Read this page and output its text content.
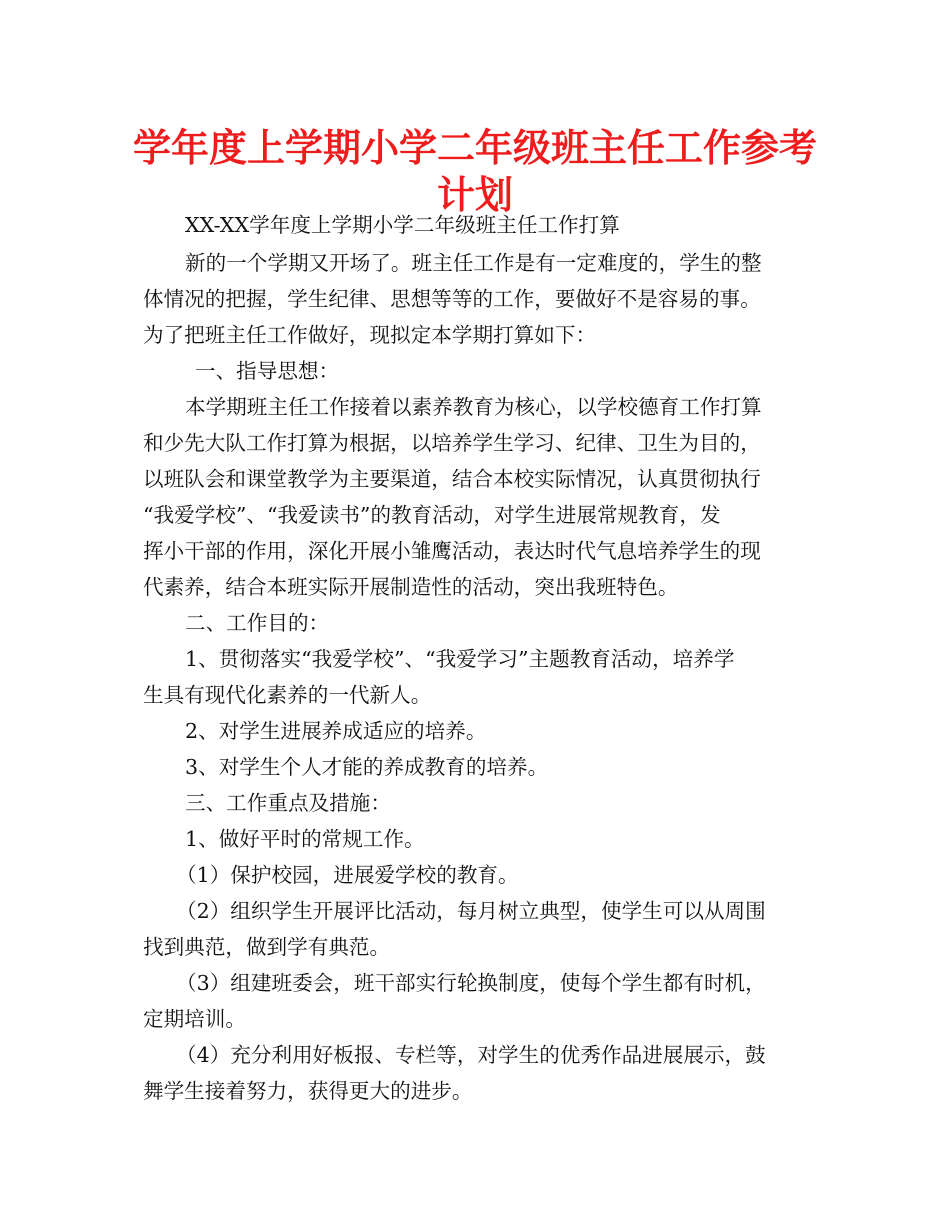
学年度上学期小学二年级班主任工作参考
计划

XX-XX学年度上学期小学二年级班主任工作打算

新的一个学期又开场了。班主任工作是有一定难度的，学生的整

体情况的把握，学生纪律、思想等等的工作，要做好不是容易的事。

为了把班主任工作做好，现拟定本学期打算如下：

一、指导思想：

本学期班主任工作接着以素养教育为核心，以学校德育工作打算

和少先大队工作打算为根据，以培养学生学习、纪律、卫生为目的，

以班队会和课堂教学为主要渠道，结合本校实际情况，认真贯彻执行

“我爱学校”、“我爱读书”的教育活动，对学生进展常规教育，发

挥小干部的作用，深化开展小雏鹰活动，表达时代气息培养学生的现

代素养，结合本班实际开展制造性的活动，突出我班特色。

二、工作目的：

1、贯彻落实“我爱学校”、“我爱学习”主题教育活动，培养学

生具有现代化素养的一代新人。

2、对学生进展养成适应的培养。

3、对学生个人才能的养成教育的培养。

三、工作重点及措施：

1、做好平时的常规工作。

（1）保护校园，进展爱学校的教育。

（2）组织学生开展评比活动，每月树立典型，使学生可以从周围

找到典范，做到学有典范。

（3）组建班委会，班干部实行轮换制度，使每个学生都有时机，

定期培训。

（4）充分利用好板报、专栏等，对学生的优秀作品进展展示，鼓

舞学生接着努力，获得更大的进步。
